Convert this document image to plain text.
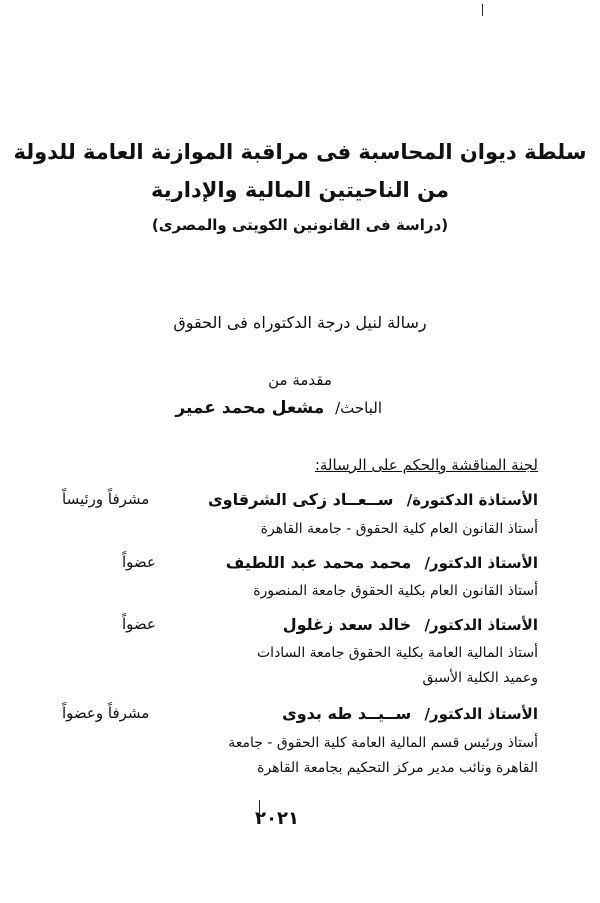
سلطة ديوان المحاسبة فى مراقبة الموازنة العامة للدولة
من الناحيتين المالية والإدارية
(دراسة فى القانونين الكويتى والمصرى)
رسالة لنيل درجة الدكتوراه فى الحقوق
مقدمة من
الباحث/ مشعل محمد عمير
لجنة المناقشة والحكم على الرسالة:
الأستاذة الدكتورة/ ســعــاد زكى الشرقاوى
مشرفاً ورئيساً
أستاذ القانون العام كلية الحقوق - جامعة القاهرة
الأستاذ الدكتور/ محمد محمد عبد اللطيف
عضواً
أستاذ القانون العام بكلية الحقوق جامعة المنصورة
الأستاذ الدكتور/ خالد سعد زغلول
عضواً
أستاذ المالية العامة بكلية الحقوق جامعة السادات
وعميد الكلية الأسبق
الأستاذ الدكتور/ ســيــد طه بدوى
مشرفاً وعضواً
أستاذ ورئيس قسم المالية العامة كلية الحقوق - جامعة
القاهرة ونائب مدير مركز التحكيم بجامعة القاهرة
٢٠٢١
